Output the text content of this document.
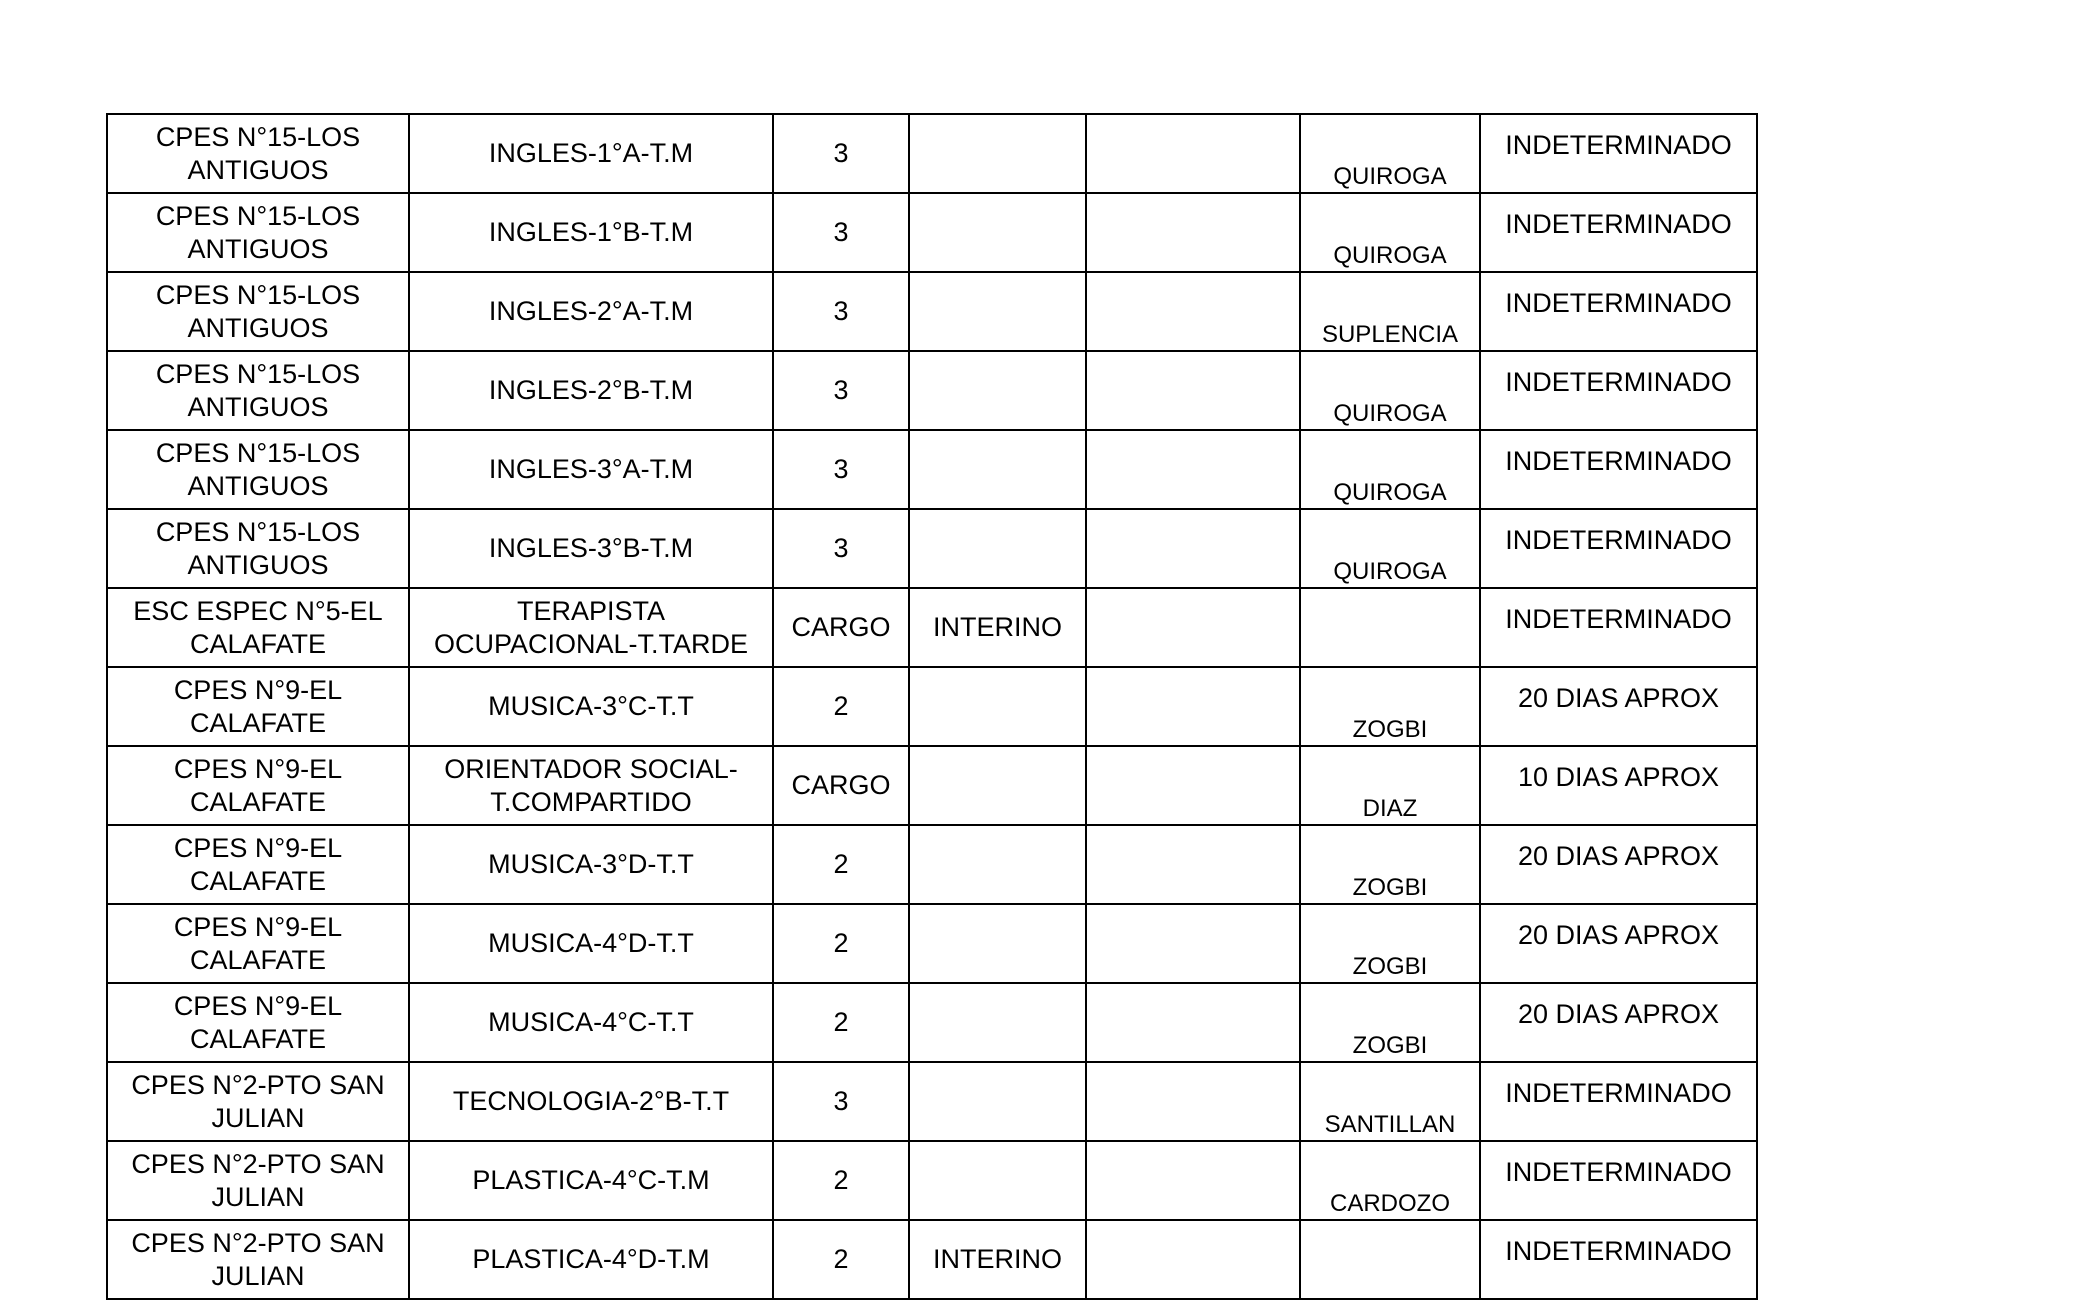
CPES N°15-LOS ANTIGUOS	INGLES-1°A-T.M	3			QUIROGA	INDETERMINADO
CPES N°15-LOS ANTIGUOS	INGLES-1°B-T.M	3			QUIROGA	INDETERMINADO
CPES N°15-LOS ANTIGUOS	INGLES-2°A-T.M	3			SUPLENCIA	INDETERMINADO
CPES N°15-LOS ANTIGUOS	INGLES-2°B-T.M	3			QUIROGA	INDETERMINADO
CPES N°15-LOS ANTIGUOS	INGLES-3°A-T.M	3			QUIROGA	INDETERMINADO
CPES N°15-LOS ANTIGUOS	INGLES-3°B-T.M	3			QUIROGA	INDETERMINADO
ESC ESPEC N°5-EL CALAFATE	TERAPISTA OCUPACIONAL-T.TARDE	CARGO	INTERINO			INDETERMINADO
CPES N°9-EL CALAFATE	MUSICA-3°C-T.T	2			ZOGBI	20 DIAS APROX
CPES N°9-EL CALAFATE	ORIENTADOR SOCIAL-T.COMPARTIDO	CARGO			DIAZ	10 DIAS APROX
CPES N°9-EL CALAFATE	MUSICA-3°D-T.T	2			ZOGBI	20 DIAS APROX
CPES N°9-EL CALAFATE	MUSICA-4°D-T.T	2			ZOGBI	20 DIAS APROX
CPES N°9-EL CALAFATE	MUSICA-4°C-T.T	2			ZOGBI	20 DIAS APROX
CPES N°2-PTO SAN JULIAN	TECNOLOGIA-2°B-T.T	3			SANTILLAN	INDETERMINADO
CPES N°2-PTO SAN JULIAN	PLASTICA-4°C-T.M	2			CARDOZO	INDETERMINADO
CPES N°2-PTO SAN JULIAN	PLASTICA-4°D-T.M	2	INTERINO			INDETERMINADO
